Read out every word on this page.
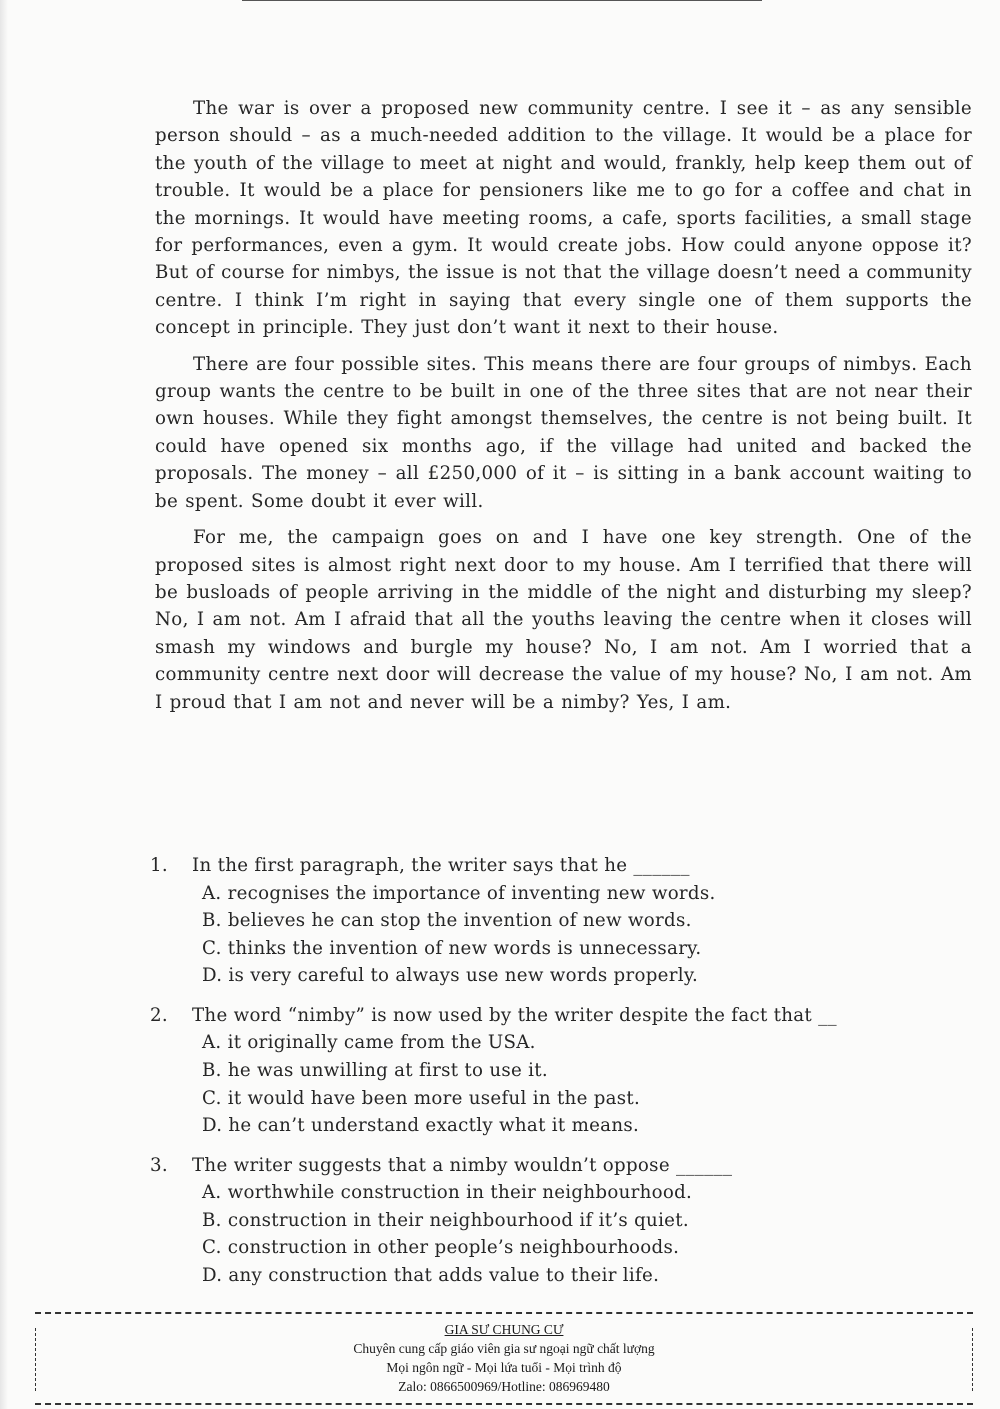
The war is over a proposed new community centre. I see it – as any sensible person should – as a much-needed addition to the village. It would be a place for the youth of the village to meet at night and would, frankly, help keep them out of trouble. It would be a place for pensioners like me to go for a coffee and chat in the mornings. It would have meeting rooms, a cafe, sports facilities, a small stage for performances, even a gym. It would create jobs. How could anyone oppose it? But of course for nimbys, the issue is not that the village doesn’t need a community centre. I think I’m right in saying that every single one of them supports the concept in principle. They just don’t want it next to their house.

There are four possible sites. This means there are four groups of nimbys. Each group wants the centre to be built in one of the three sites that are not near their own houses. While they fight amongst themselves, the centre is not being built. It could have opened six months ago, if the village had united and backed the proposals. The money – all £250,000 of it – is sitting in a bank account waiting to be spent. Some doubt it ever will.

For me, the campaign goes on and I have one key strength. One of the proposed sites is almost right next door to my house. Am I terrified that there will be busloads of people arriving in the middle of the night and disturbing my sleep? No, I am not. Am I afraid that all the youths leaving the centre when it closes will smash my windows and burgle my house? No, I am not. Am I worried that a community centre next door will decrease the value of my house? No, I am not. Am I proud that I am not and never will be a nimby? Yes, I am.

1. In the first paragraph, the writer says that he ______
A. recognises the importance of inventing new words.
B. believes he can stop the invention of new words.
C. thinks the invention of new words is unnecessary.
D. is very careful to always use new words properly.
2. The word “nimby” is now used by the writer despite the fact that __
A. it originally came from the USA.
B. he was unwilling at first to use it.
C. it would have been more useful in the past.
D. he can’t understand exactly what it means.
3. The writer suggests that a nimby wouldn’t oppose ______
A. worthwhile construction in their neighbourhood.
B. construction in their neighbourhood if it’s quiet.
C. construction in other people’s neighbourhoods.
D. any construction that adds value to their life.
GIA SƯ CHUNG CƯ
Chuyên cung cấp giáo viên gia sư ngoại ngữ chất lượng
Mọi ngôn ngữ - Mọi lứa tuổi - Mọi trình độ
Zalo: 0866500969/Hotline: 086969480
